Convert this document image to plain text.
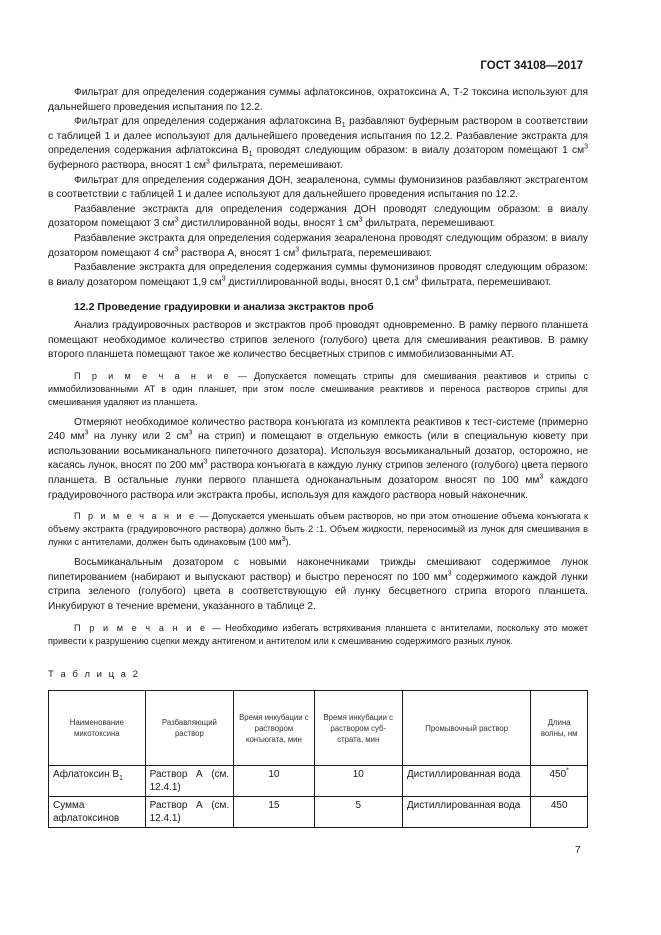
ГОСТ 34108—2017

Фильтрат для определения содержания суммы афлатоксинов, охратоксина А, Т-2 токсина используют для дальнейшего проведения испытания по 12.2.

Фильтрат для определения содержания афлатоксина $В_1$ разбавляют буферным раствором в соответствии с таблицей 1 и далее используют для дальнейшего проведения испытания по 12.2. Разбавление экстракта для определения содержания афлатоксина $В_1$ проводят следующим образом: в виалу дозатором помещают 1 $см^3$ буферного раствора, вносят 1 $см^3$ фильтрата, перемешивают.

Фильтрат для определения содержания ДОН, зеараленона, суммы фумонизинов разбавляют экстрагентом в соответствии с таблицей 1 и далее используют для дальнейшего проведения испытания по 12.2.

Разбавление экстракта для определения содержания ДОН проводят следующим образом: в виалу дозатором помещают 3 $см^3$ дистиллированной воды, вносят 1 $см^3$ фильтрата, перемешивают.

Разбавление экстракта для определения содержания зеараленона проводят следующим образом: в виалу дозатором помещают 4 $см^3$ раствора А, вносят 1 $см^3$ фильтрата, перемешивают.

Разбавление экстракта для определения содержания суммы фумонизинов проводят следующим образом: в виалу дозатором помещают 1,9 $см^3$ дистиллированной воды, вносят 0,1 $см^3$ фильтрата, перемешивают.

12.2 Проведение градуировки и анализа экстрактов проб

Анализ градуировочных растворов и экстрактов проб проводят одновременно. В рамку первого планшета помещают необходимое количество стрипов зеленого (голубого) цвета для смешивания реактивов. В рамку второго планшета помещают такое же количество бесцветных стрипов с иммобилизованными АТ.

П р и м е ч а н и е — Допускается помещать стрипы для смешивания реактивов и стрипы с иммобилизованными АТ в один планшет, при этом после смешивания реактивов и переноса растворов стрипы для смешивания удаляют из планшета.

Отмеряют необходимое количество раствора конъюгата из комплекта реактивов к тест-системе (примерно 240 $мм^3$ на лунку или 2 $см^3$ на стрип) и помещают в отдельную емкость (или в специальную кювету при использовании восьмиканального пипеточного дозатора). Используя восьмиканальный дозатор, осторожно, не касаясь лунок, вносят по 200 $мм^3$ раствора конъюгата в каждую лунку стрипов зеленого (голубого) цвета первого планшета. В остальные лунки первого планшета одноканальным дозатором вносят по 100 $мм^3$ каждого градуировочного раствора или экстракта пробы, используя для каждого раствора новый наконечник.

П р и м е ч а н и е — Допускается уменьшать объем растворов, но при этом отношение объема конъюгата к объему экстракта (градуировочного раствора) должно быть 2 :1. Объем жидкости, переносимый из лунок для смешивания в лунки с антителами, должен быть одинаковым (100 $мм^3$).

Восьмиканальным дозатором с новыми наконечниками трижды смешивают содержимое лунок пипетированием (набирают и выпускают раствор) и быстро переносят по 100 $мм^3$ содержимого каждой лунки стрипа зеленого (голубого) цвета в соответствующую ей лунку бесцветного стрипа второго планшета. Инкубируют в течение времени, указанного в таблице 2.

П р и м е ч а н и е — Необходимо избегать встряхивания планшета с антителами, поскольку это может привести к разрушению сцепки между антигеном и антителом или к смешиванию содержимого разных лунок.

Т а б л и ц а 2

Наименование микотоксина	Разбавляющий раствор	Время инкубации с раствором конъюгата, мин	Время инкубации с раствором суб-страта, мин	Промывочный раствор	Длина волны, нм
Афлатоксин $В_1$	Раствор А (см. 12.4.1)	10	10	Дистиллированная вода	450*
Сумма афлатоксинов	Раствор А (см. 12.4.1)	15	5	Дистиллированная вода	450
7
